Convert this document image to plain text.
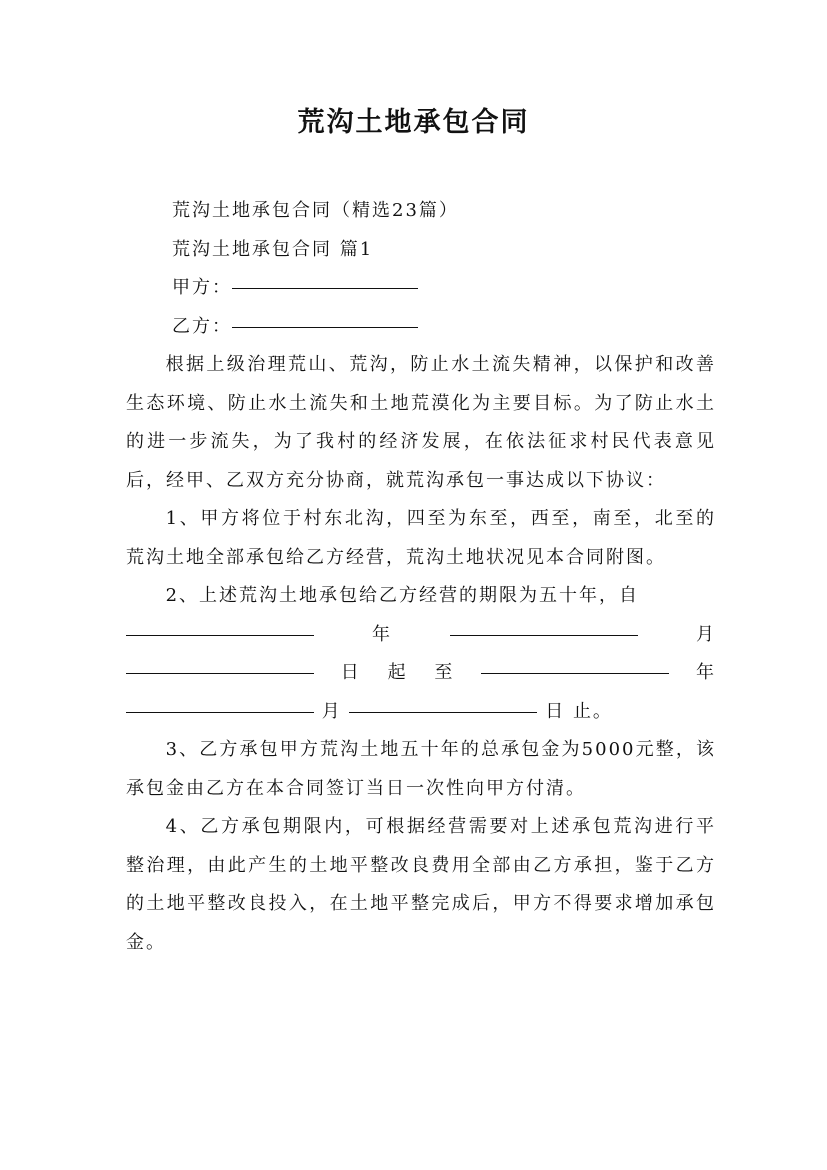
荒沟土地承包合同

荒沟土地承包合同（精选23篇）

荒沟土地承包合同 篇1

甲方：

乙方：

根据上级治理荒山、荒沟，防止水土流失精神，以保护和改善生态环境、防止水土流失和土地荒漠化为主要目标。为了防止水土的进一步流失，为了我村的经济发展，在依法征求村民代表意见后，经甲、乙双方充分协商，就荒沟承包一事达成以下协议：

1、甲方将位于村东北沟，四至为东至，西至，南至，北至的荒沟土地全部承包给乙方经营，荒沟土地状况见本合同附图。

2、上述荒沟土地承包给乙方经营的期限为五十年，自

年	月

日 起 至	年

月	日 止。

3、乙方承包甲方荒沟土地五十年的总承包金为5000元整，该承包金由乙方在本合同签订当日一次性向甲方付清。

4、乙方承包期限内，可根据经营需要对上述承包荒沟进行平整治理，由此产生的土地平整改良费用全部由乙方承担，鉴于乙方的土地平整改良投入，在土地平整完成后，甲方不得要求增加承包金。
